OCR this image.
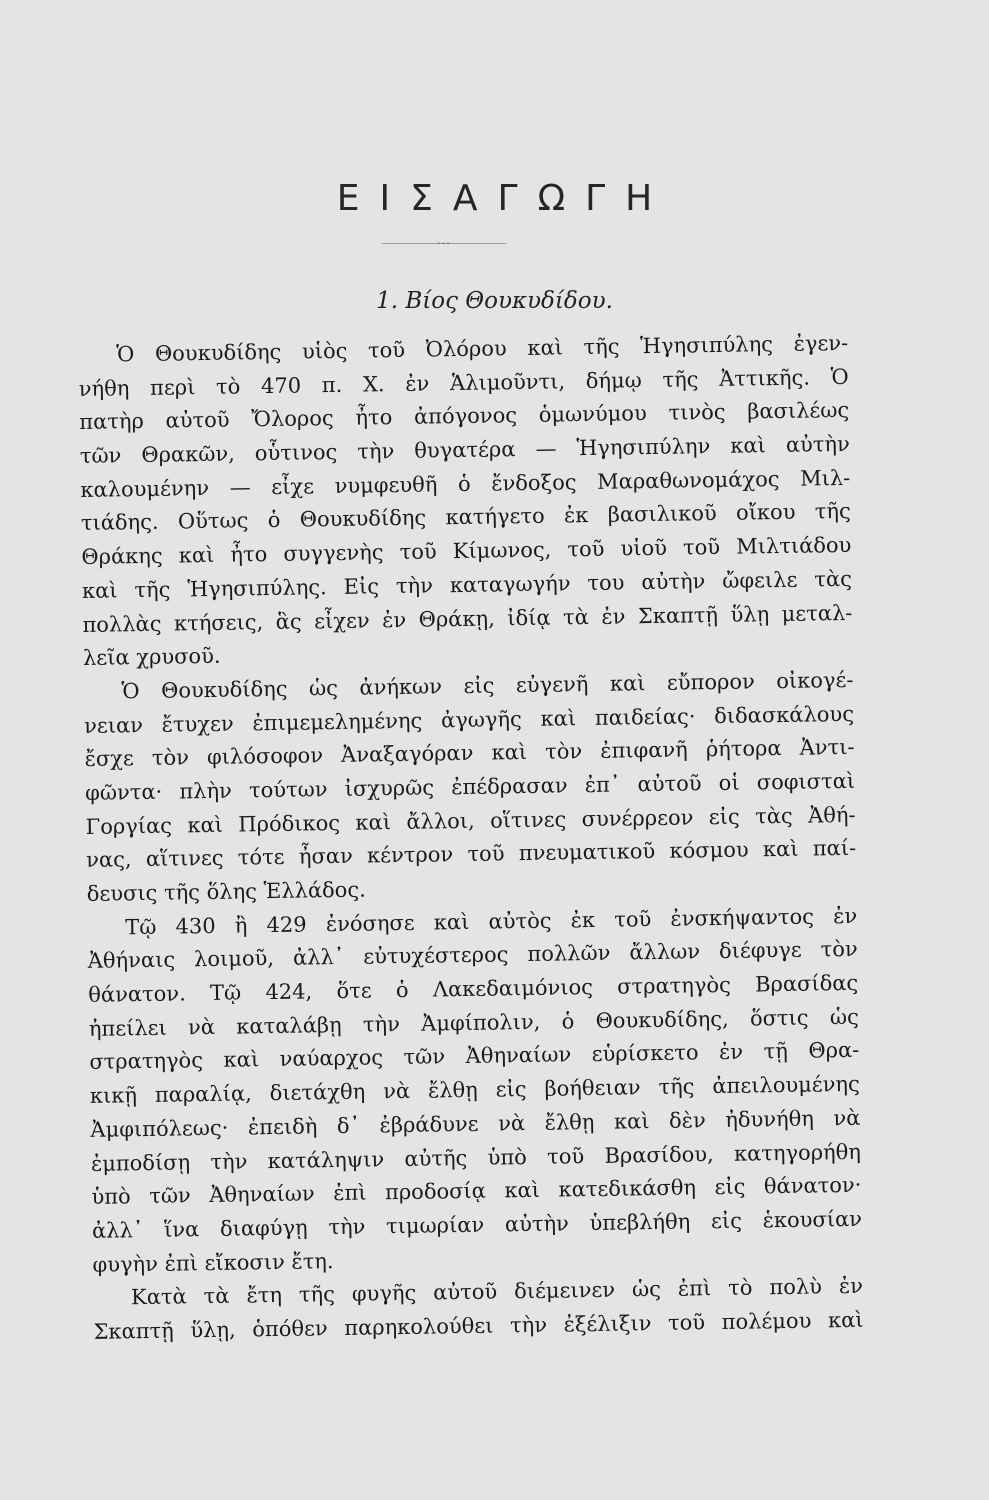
ΕΙΣΑΓΩΓΗ
...
1. Βίος Θουκυδίδου.
Ὁ Θουκυδίδης υἱὸς τοῦ Ὀλόρου καὶ τῆς Ἡγησιπύλης ἐγεν-
νήθη περὶ τὸ 470 π. Χ. ἐν Ἁλιμοῦντι, δήμῳ τῆς Ἀττικῆς. Ὁ
πατὴρ αὐτοῦ Ὄλορος ἦτο ἀπόγονος ὁμωνύμου τινὸς βασιλέως
τῶν Θρακῶν, οὗτινος τὴν θυγατέρα — Ἡγησιπύλην καὶ αὐτὴν
καλουμένην — εἶχε νυμφευθῆ ὁ ἔνδοξος Μαραθωνομάχος Μιλ-
τιάδης. Οὕτως ὁ Θουκυδίδης κατήγετο ἐκ βασιλικοῦ οἴκου τῆς
Θράκης καὶ ἦτο συγγενὴς τοῦ Κίμωνος, τοῦ υἱοῦ τοῦ Μιλτιάδου
καὶ τῆς Ἡγησιπύλης. Εἰς τὴν καταγωγήν του αὐτὴν ὤφειλε τὰς
πολλὰς κτήσεις, ἃς εἶχεν ἐν Θράκῃ, ἰδίᾳ τὰ ἐν Σκαπτῇ ὕλῃ μεταλ-
λεῖα χρυσοῦ.
Ὁ Θουκυδίδης ὡς ἀνήκων εἰς εὐγενῆ καὶ εὔπορον οἰκογέ-
νειαν ἔτυχεν ἐπιμεμελημένης ἀγωγῆς καὶ παιδείας· διδασκάλους
ἔσχε τὸν φιλόσοφον Ἀναξαγόραν καὶ τὸν ἐπιφανῆ ῥήτορα Ἀντι-
φῶντα· πλὴν τούτων ἰσχυρῶς ἐπέδρασαν ἐπ᾽ αὐτοῦ οἱ σοφισταὶ
Γοργίας καὶ Πρόδικος καὶ ἄλλοι, οἵτινες συνέρρεον εἰς τὰς Ἀθή-
νας, αἵτινες τότε ἦσαν κέντρον τοῦ πνευματικοῦ κόσμου καὶ παί-
δευσις τῆς ὅλης Ἑλλάδος.
Τῷ 430 ἢ 429 ἐνόσησε καὶ αὐτὸς ἐκ τοῦ ἐνσκήψαντος ἐν
Ἀθήναις λοιμοῦ, ἀλλ᾽ εὐτυχέστερος πολλῶν ἄλλων διέφυγε τὸν
θάνατον. Τῷ 424, ὅτε ὁ Λακεδαιμόνιος στρατηγὸς Βρασίδας
ἠπείλει νὰ καταλάβῃ τὴν Ἀμφίπολιν, ὁ Θουκυδίδης, ὅστις ὡς
στρατηγὸς καὶ ναύαρχος τῶν Ἀθηναίων εὑρίσκετο ἐν τῇ Θρα-
κικῇ παραλίᾳ, διετάχθη νὰ ἔλθῃ εἰς βοήθειαν τῆς ἀπειλουμένης
Ἀμφιπόλεως· ἐπειδὴ δ᾽ ἐβράδυνε νὰ ἔλθῃ καὶ δὲν ἠδυνήθη νὰ
ἐμποδίσῃ τὴν κατάληψιν αὐτῆς ὑπὸ τοῦ Βρασίδου, κατηγορήθη
ὑπὸ τῶν Ἀθηναίων ἐπὶ προδοσίᾳ καὶ κατεδικάσθη εἰς θάνατον·
ἀλλ᾽ ἵνα διαφύγῃ τὴν τιμωρίαν αὐτὴν ὑπεβλήθη εἰς ἑκουσίαν
φυγὴν ἐπὶ εἴκοσιν ἔτη.
Κατὰ τὰ ἔτη τῆς φυγῆς αὐτοῦ διέμεινεν ὡς ἐπὶ τὸ πολὺ ἐν
Σκαπτῇ ὕλῃ, ὁπόθεν παρηκολούθει τὴν ἐξέλιξιν τοῦ πολέμου καὶ
